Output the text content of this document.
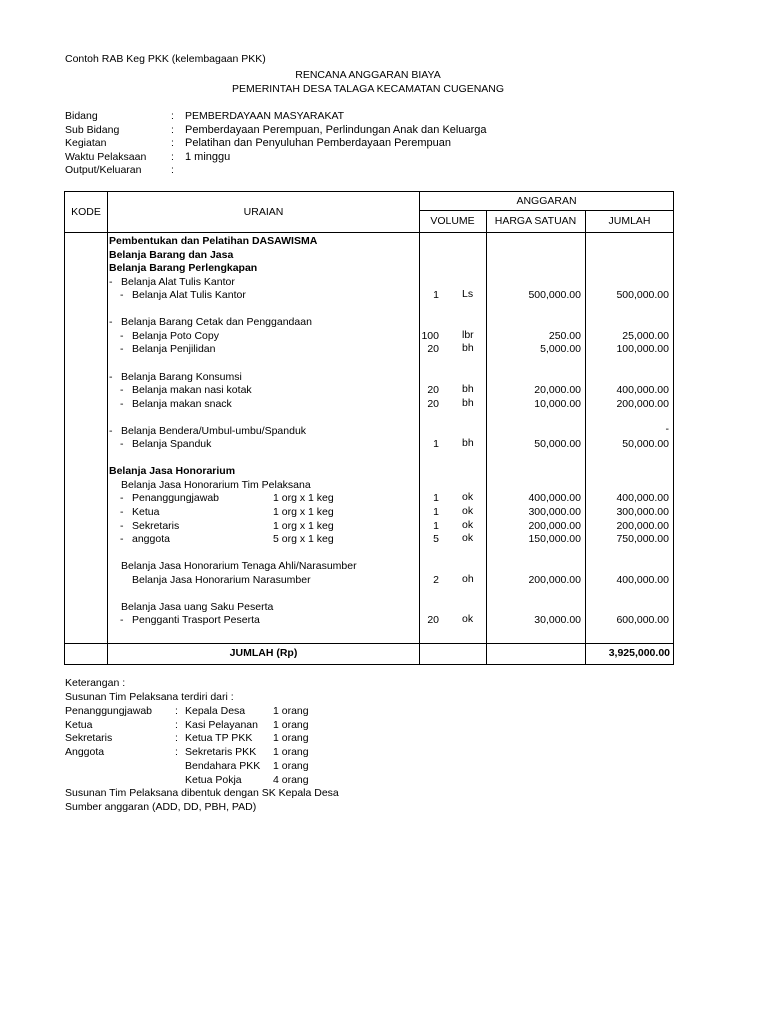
Contoh RAB Keg PKK (kelembagaan PKK)
RENCANA ANGGARAN BIAYA
PEMERINTAH DESA TALAGA KECAMATAN CUGENANG
Bidang	: PEMBERDAYAAN MASYARAKAT
Sub Bidang	: Pemberdayaan Perempuan, Perlindungan Anak dan Keluarga
Kegiatan	: Pelatihan dan Penyuluhan Pemberdayaan Perempuan
Waktu Pelaksaan : 1 minggu
Output/Keluaran	:
KODE	URAIAN
ANGGARAN
VOLUME	HARGA SATUAN	JUMLAH
Pembentukan dan Pelatihan DASAWISMA
Belanja Barang dan Jasa
Belanja Barang Perlengkapan
- Belanja Alat Tulis Kantor
- Belanja Alat Tulis Kantor	1 Ls	500,000.00	500,000.00
- Belanja Barang Cetak dan Penggandaan
- Belanja Poto Copy	100 lbr	250.00	25,000.00
- Belanja Penjilidan	20 bh	5,000.00	100,000.00
- Belanja Barang Konsumsi
- Belanja makan nasi kotak	20 bh	20,000.00	400,000.00
- Belanja makan snack	20 bh	10,000.00	200,000.00
- Belanja Bendera/Umbul-umbu/Spanduk	-
- Belanja Spanduk	1 bh	50,000.00	50,000.00
Belanja Jasa Honorarium
Belanja Jasa Honorarium Tim Pelaksana
- Penanggungjawab	1 org x 1 keg	1 ok	400,000.00	400,000.00
- Ketua	1 org x 1 keg	1 ok	300,000.00	300,000.00
- Sekretaris	1 org x 1 keg	1 ok	200,000.00	200,000.00
- anggota	5 org x 1 keg	5 ok	150,000.00	750,000.00
Belanja Jasa Honorarium Tenaga Ahli/Narasumber
Belanja Jasa Honorarium Narasumber	2 oh	200,000.00	400,000.00
Belanja Jasa uang Saku Peserta
- Pengganti Trasport Peserta	20 ok	30,000.00	600,000.00
JUMLAH (Rp)	3,925,000.00
Keterangan :
Susunan Tim Pelaksana terdiri dari :
Penanggungjawab : Kepala Desa	1 orang
Ketua	: Kasi Pelayanan 1 orang
Sekretaris	: Ketua TP PKK 1 orang
Anggota	: Sekretaris PKK 1 orang
Bendahara PKK 1 orang
Ketua Pokja	4 orang
Susunan Tim Pelaksana dibentuk dengan SK Kepala Desa
Sumber anggaran (ADD, DD, PBH, PAD)
